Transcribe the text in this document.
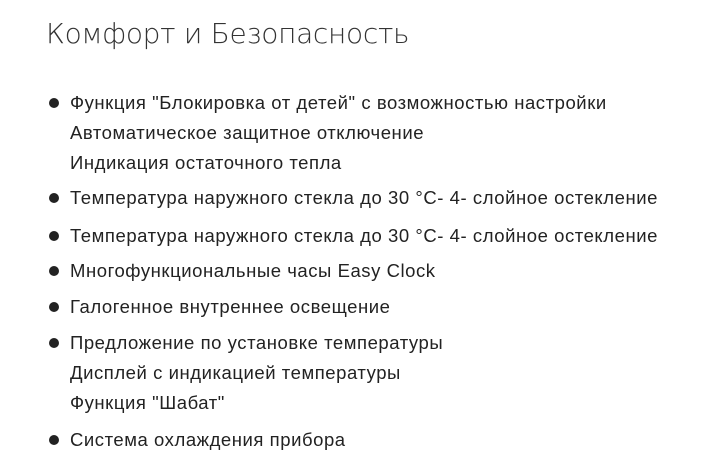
Комфорт и Безопасность
Функция "Блокировка от детей" с возможностью настройки
Автоматическое защитное отключение
Индикация остаточного тепла
Температура наружного стекла до 30 °C- 4- слойное остекление
Температура наружного стекла до 30 °C- 4- слойное остекление
Многофункциональные часы Easy Clock
Галогенное внутреннее освещение
Предложение по установке температуры
Дисплей с индикацией температуры
Функция "Шабат"
Система охлаждения прибора
